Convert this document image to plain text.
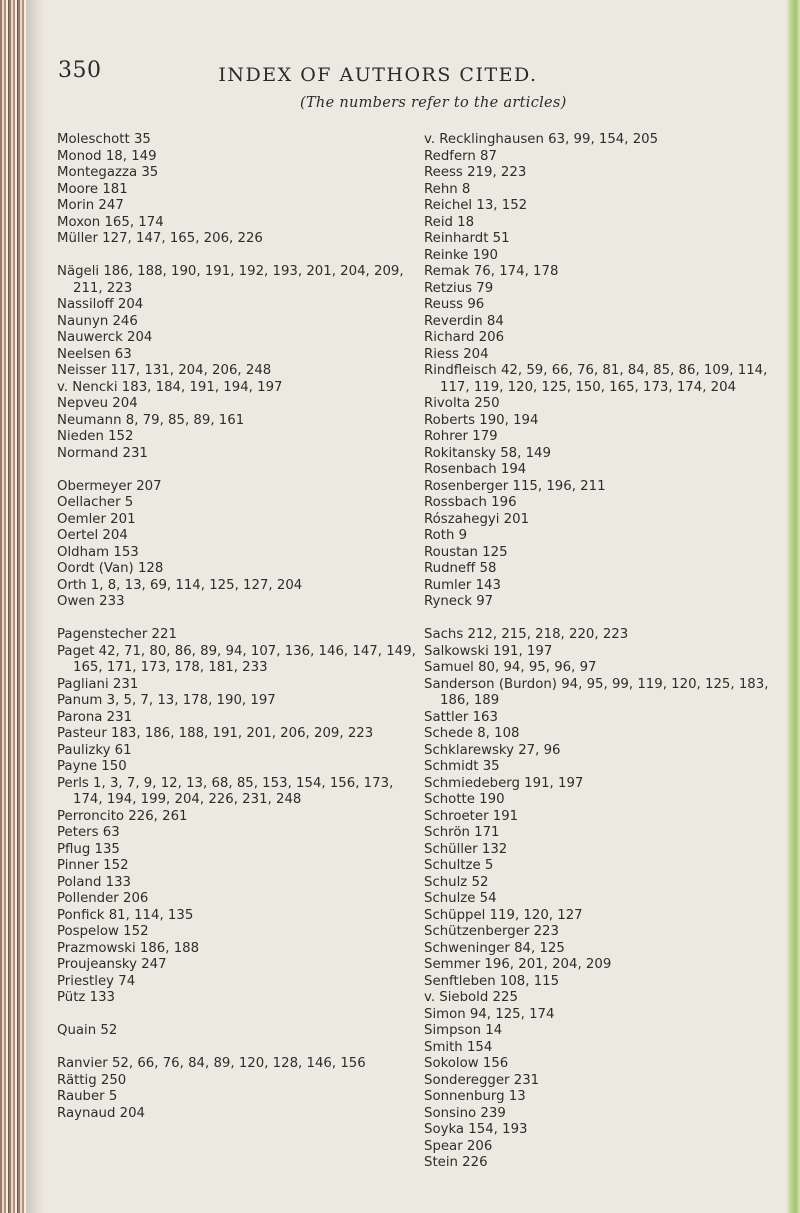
350	INDEX OF AUTHORS CITED.
(The numbers refer to the articles)
Moleschott 35
Monod 18, 149
Montegazza 35
Moore 181
Morin 247
Moxon 165, 174
Müller 127, 147, 165, 206, 226
Nägeli 186, 188, 190, 191, 192, 193, 201, 204, 209, 211, 223
Nassiloff 204
Naunyn 246
Nauwerck 204
Neelsen 63
Neisser 117, 131, 204, 206, 248
v. Nencki 183, 184, 191, 194, 197
Nepveu 204
Neumann 8, 79, 85, 89, 161
Nieden 152
Normand 231
Obermeyer 207
Oellacher 5
Oemler 201
Oertel 204
Oldham 153
Oordt (Van) 128
Orth 1, 8, 13, 69, 114, 125, 127, 204
Owen 233
Pagenstecher 221
Paget 42, 71, 80, 86, 89, 94, 107, 136, 146, 147, 149, 165, 171, 173, 178, 181, 233
Pagliani 231
Panum 3, 5, 7, 13, 178, 190, 197
Parona 231
Pasteur 183, 186, 188, 191, 201, 206, 209, 223
Paulizky 61
Payne 150
Perls 1, 3, 7, 9, 12, 13, 68, 85, 153, 154, 156, 173, 174, 194, 199, 204, 226, 231, 248
Perroncito 226, 261
Peters 63
Pflug 135
Pinner 152
Poland 133
Pollender 206
Ponfick 81, 114, 135
Pospelow 152
Prazmowski 186, 188
Proujeansky 247
Priestley 74
Pütz 133
Quain 52
Ranvier 52, 66, 76, 84, 89, 120, 128, 146, 156
Rättig 250
Rauber 5
Raynaud 204
v. Recklinghausen 63, 99, 154, 205
Redfern 87
Reess 219, 223
Rehn 8
Reichel 13, 152
Reid 18
Reinhardt 51
Reinke 190
Remak 76, 174, 178
Retzius 79
Reuss 96
Reverdin 84
Richard 206
Riess 204
Rindfleisch 42, 59, 66, 76, 81, 84, 85, 86, 109, 114, 117, 119, 120, 125, 150, 165, 173, 174, 204
Rivolta 250
Roberts 190, 194
Rohrer 179
Rokitansky 58, 149
Rosenbach 194
Rosenberger 115, 196, 211
Rossbach 196
Rószahegyi 201
Roth 9
Roustan 125
Rudneff 58
Rumler 143
Ryneck 97
Sachs 212, 215, 218, 220, 223
Salkowski 191, 197
Samuel 80, 94, 95, 96, 97
Sanderson (Burdon) 94, 95, 99, 119, 120, 125, 183, 186, 189
Sattler 163
Schede 8, 108
Schklarewsky 27, 96
Schmidt 35
Schmiedeberg 191, 197
Schotte 190
Schroeter 191
Schrön 171
Schüller 132
Schultze 5
Schulz 52
Schulze 54
Schüppel 119, 120, 127
Schützenberger 223
Schweninger 84, 125
Semmer 196, 201, 204, 209
Senftleben 108, 115
v. Siebold 225
Simon 94, 125, 174
Simpson 14
Smith 154
Sokolow 156
Sonderegger 231
Sonnenburg 13
Sonsino 239
Soyka 154, 193
Spear 206
Stein 226
